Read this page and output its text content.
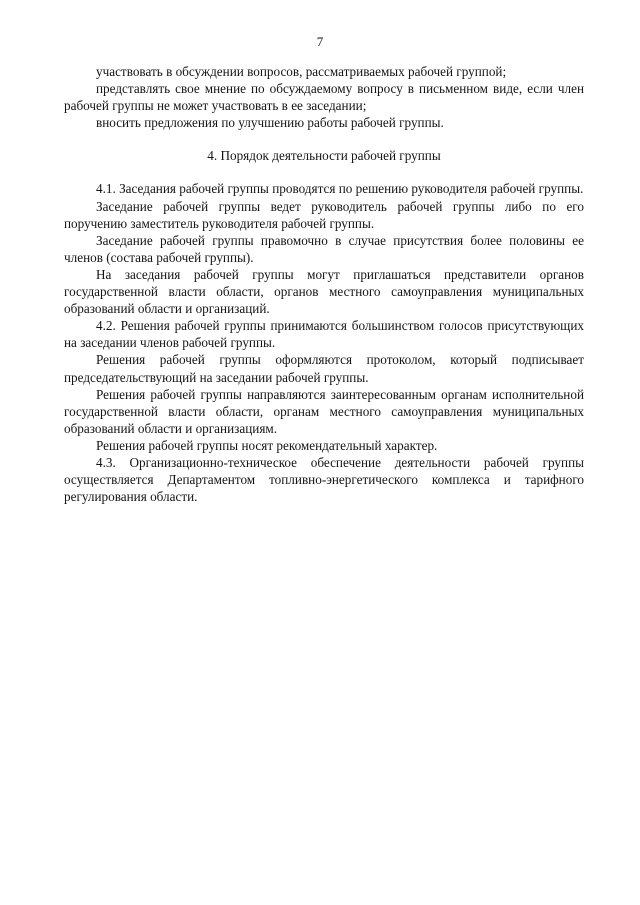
7

участвовать в обсуждении вопросов, рассматриваемых рабочей группой;

представлять свое мнение по обсуждаемому вопросу в письменном виде, если член рабочей группы не может участвовать в ее заседании;

вносить предложения по улучшению работы рабочей группы.

4. Порядок деятельности рабочей группы

4.1. Заседания рабочей группы проводятся по решению руководителя рабочей группы.

Заседание рабочей группы ведет руководитель рабочей группы либо по его поручению заместитель руководителя рабочей группы.

Заседание рабочей группы правомочно в случае присутствия более половины ее членов (состава рабочей группы).

На заседания рабочей группы могут приглашаться представители органов государственной власти области, органов местного самоуправления муниципальных образований области и организаций.

4.2. Решения рабочей группы принимаются большинством голосов присутствующих на заседании членов рабочей группы.

Решения рабочей группы оформляются протоколом, который подписывает председательствующий на заседании рабочей группы.

Решения рабочей группы направляются заинтересованным органам исполнительной государственной власти области, органам местного самоуправления муниципальных образований области и организациям.

Решения рабочей группы носят рекомендательный характер.

4.3. Организационно-техническое обеспечение деятельности рабочей группы осуществляется Департаментом топливно-энергетического комплекса и тарифного регулирования области.
